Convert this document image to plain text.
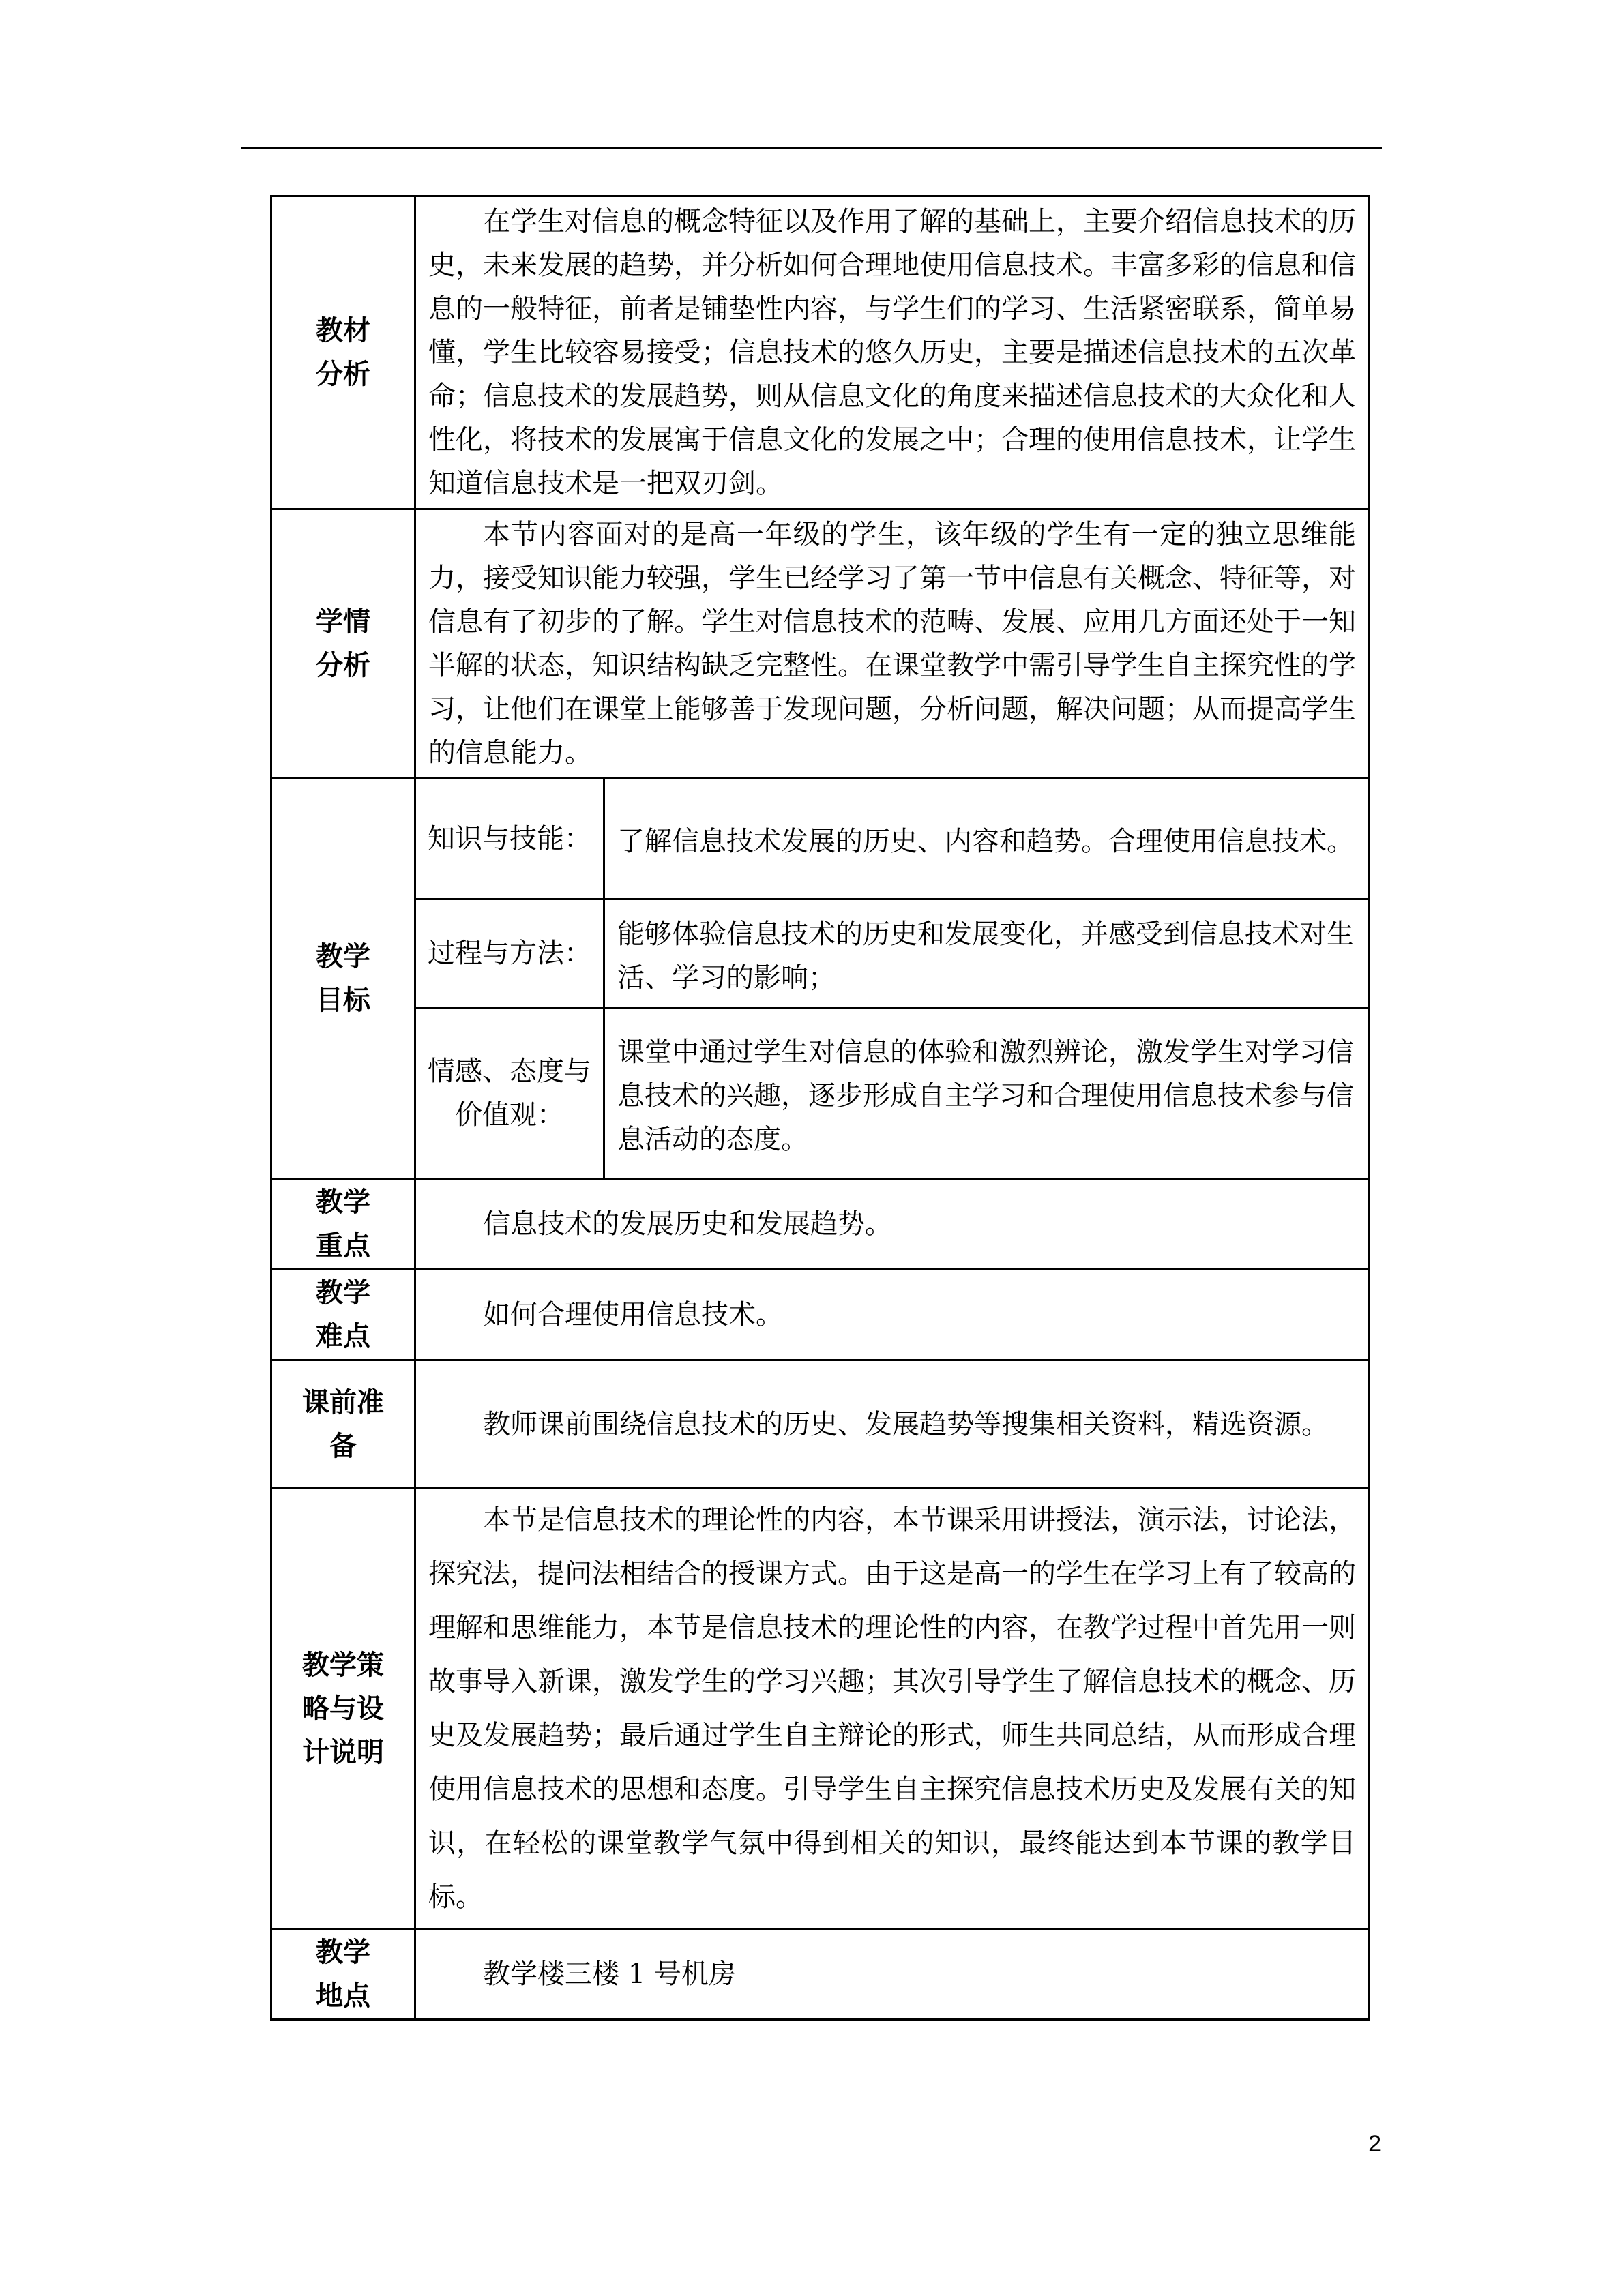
教材
分析	在学生对信息的概念特征以及作用了解的基础上，主要介绍信息技术的历史，未来发展的趋势，并分析如何合理地使用信息技术。丰富多彩的信息和信息的一般特征，前者是铺垫性内容，与学生们的学习、生活紧密联系，简单易懂，学生比较容易接受；信息技术的悠久历史，主要是描述信息技术的五次革命；信息技术的发展趋势，则从信息文化的角度来描述信息技术的大众化和人性化，将技术的发展寓于信息文化的发展之中；合理的使用信息技术，让学生知道信息技术是一把双刃剑。
学情
分析	本节内容面对的是高一年级的学生，该年级的学生有一定的独立思维能力，接受知识能力较强，学生已经学习了第一节中信息有关概念、特征等，对信息有了初步的了解。学生对信息技术的范畴、发展、应用几方面还处于一知半解的状态，知识结构缺乏完整性。在课堂教学中需引导学生自主探究性的学习，让他们在课堂上能够善于发现问题，分析问题，解决问题；从而提高学生的信息能力。
教学
目标	
知识与技能：	了解信息技术发展的历史、内容和趋势。合理使用信息技术。
过程与方法：	能够体验信息技术的历史和发展变化，并感受到信息技术对生活、学习的影响；
情感、态度与价值观：	课堂中通过学生对信息的体验和激烈辨论，激发学生对学习信息技术的兴趣，逐步形成自主学习和合理使用信息技术参与信息活动的态度。

教学
重点	信息技术的发展历史和发展趋势。
教学
难点	如何合理使用信息技术。
课前准
备	教师课前围绕信息技术的历史、发展趋势等搜集相关资料，精选资源。
教学策
略与设
计说明	本节是信息技术的理论性的内容，本节课采用讲授法，演示法，讨论法，探究法，提问法相结合的授课方式。由于这是高一的学生在学习上有了较高的理解和思维能力，本节是信息技术的理论性的内容，在教学过程中首先用一则故事导入新课，激发学生的学习兴趣；其次引导学生了解信息技术的概念、历史及发展趋势；最后通过学生自主辩论的形式，师生共同总结，从而形成合理使用信息技术的思想和态度。引导学生自主探究信息技术历史及发展有关的知识，在轻松的课堂教学气氛中得到相关的知识，最终能达到本节课的教学目标。
教学
地点	教学楼三楼 1 号机房
2
